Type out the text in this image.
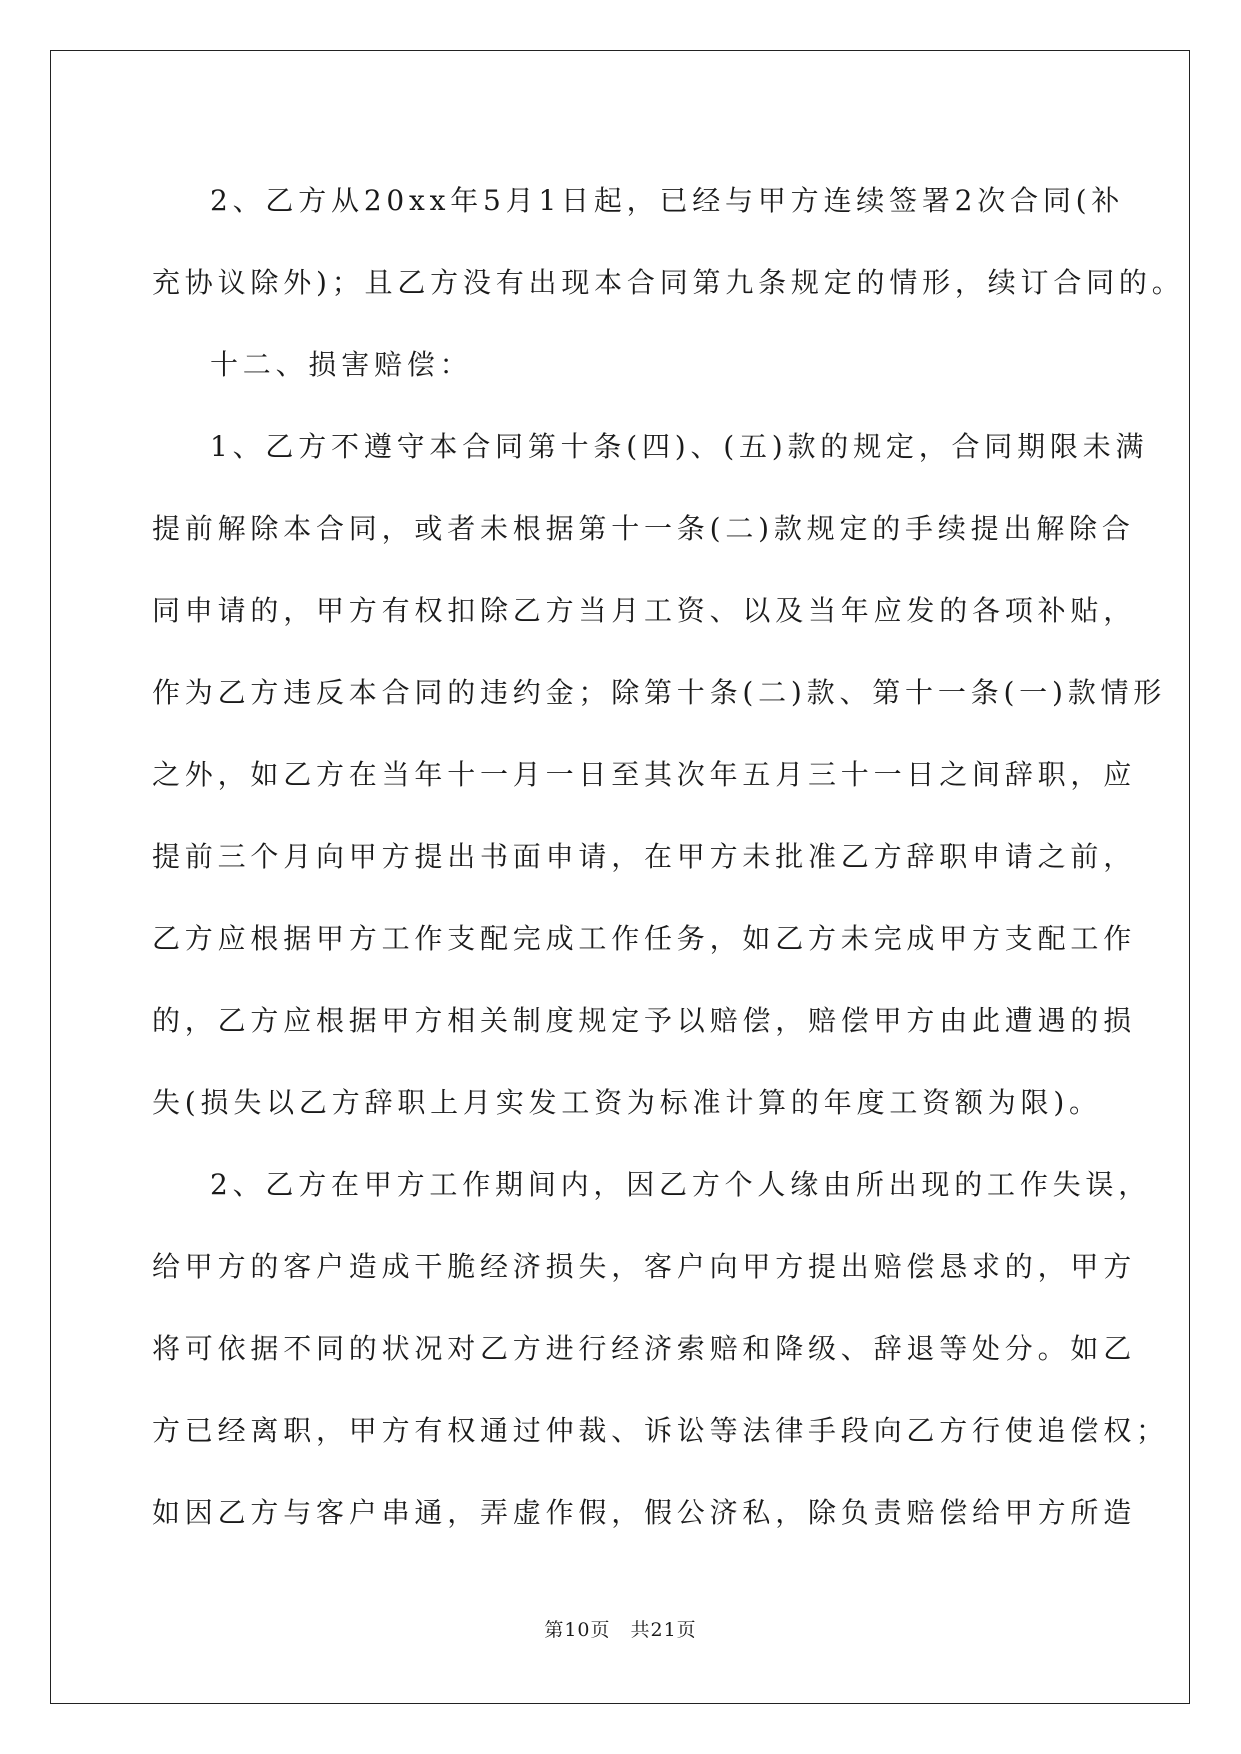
2、乙方从20xx年5月1日起，已经与甲方连续签署2次合同(补
充协议除外)；且乙方没有出现本合同第九条规定的情形，续订合同的。
十二、损害赔偿：
1、乙方不遵守本合同第十条(四)、(五)款的规定，合同期限未满
提前解除本合同，或者未根据第十一条(二)款规定的手续提出解除合
同申请的，甲方有权扣除乙方当月工资、以及当年应发的各项补贴，
作为乙方违反本合同的违约金；除第十条(二)款、第十一条(一)款情形
之外，如乙方在当年十一月一日至其次年五月三十一日之间辞职，应
提前三个月向甲方提出书面申请，在甲方未批准乙方辞职申请之前，
乙方应根据甲方工作支配完成工作任务，如乙方未完成甲方支配工作
的，乙方应根据甲方相关制度规定予以赔偿，赔偿甲方由此遭遇的损
失(损失以乙方辞职上月实发工资为标准计算的年度工资额为限)。
2、乙方在甲方工作期间内，因乙方个人缘由所出现的工作失误，
给甲方的客户造成干脆经济损失，客户向甲方提出赔偿恳求的，甲方
将可依据不同的状况对乙方进行经济索赔和降级、辞退等处分。如乙
方已经离职，甲方有权通过仲裁、诉讼等法律手段向乙方行使追偿权；
如因乙方与客户串通，弄虚作假，假公济私，除负责赔偿给甲方所造
第10页　共21页
